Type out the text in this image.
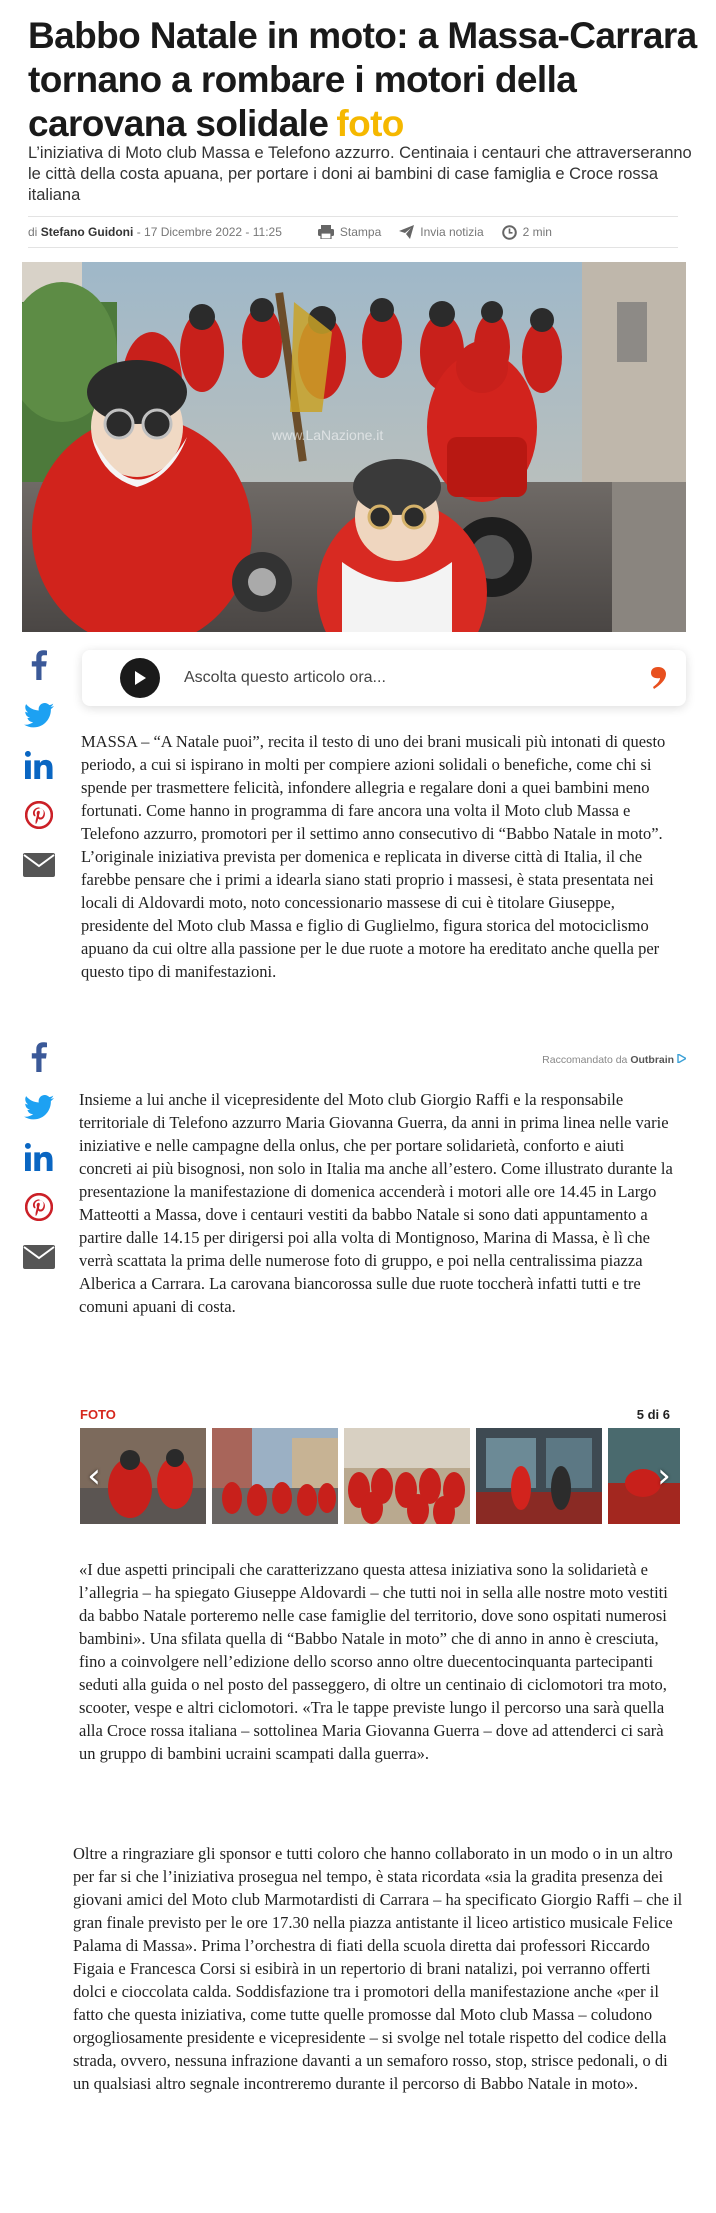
Babbo Natale in moto: a Massa-Carrara tornano a rombare i motori della carovana solidale foto

L’iniziativa di Moto club Massa e Telefono azzurro. Centinaia i centauri che attraverseranno le città della costa apuana, per portare i doni ai bambini di case famiglia e Croce rossa italiana

di
Stefano Guidoni
- 17 Dicembre 2022 - 11:25	Stampa	Invia notizia	2 min
www.LaNazione.it
Ascolta questo articolo ora...

MASSA – “A Natale puoi”, recita il testo di uno dei brani musicali più intonati di questo periodo, a cui si ispirano in molti per compiere azioni solidali o benefiche, come chi si spende per trasmettere felicità, infondere allegria e regalare doni a quei bambini meno fortunati. Come hanno in programma di fare ancora una volta il Moto club Massa e Telefono azzurro, promotori per il settimo anno consecutivo di “Babbo Natale in moto”. L’originale iniziativa prevista per domenica e replicata in diverse città di Italia, il che farebbe pensare che i primi a idearla siano stati proprio i massesi, è stata presentata nei locali di Aldovardi moto, noto concessionario massese di cui è titolare Giuseppe, presidente del Moto club Massa e figlio di Guglielmo, figura storica del motociclismo apuano da cui oltre alla passione per le due ruote a motore ha ereditato anche quella per questo tipo di manifestazioni.

Raccomandato da Outbrain

Insieme a lui anche il vicepresidente del Moto club Giorgio Raffi e la responsabile territoriale di Telefono azzurro Maria Giovanna Guerra, da anni in prima linea nelle varie iniziative e nelle campagne della onlus, che per portare solidarietà, conforto e aiuti concreti ai più bisognosi, non solo in Italia ma anche all’estero. Come illustrato durante la presentazione la manifestazione di domenica accenderà i motori alle ore 14.45 in Largo Matteotti a Massa, dove i centauri vestiti da babbo Natale si sono dati appuntamento a partire dalle 14.15 per dirigersi poi alla volta di Montignoso, Marina di Massa, è lì che verrà scattata la prima delle numerose foto di gruppo, e poi nella centralissima piazza Alberica a Carrara. La carovana biancorossa sulle due ruote toccherà infatti tutti e tre comuni apuani di costa.

FOTO	5 di 6
‹	›

«I due aspetti principali che caratterizzano questa attesa iniziativa sono la solidarietà e l’allegria – ha spiegato Giuseppe Aldovardi – che tutti noi in sella alle nostre moto vestiti da babbo Natale porteremo nelle case famiglie del territorio, dove sono ospitati numerosi bambini». Una sfilata quella di “Babbo Natale in moto” che di anno in anno è cresciuta, fino a coinvolgere nell’edizione dello scorso anno oltre duecentocinquanta partecipanti seduti alla guida o nel posto del passeggero, di oltre un centinaio di ciclomotori tra moto, scooter, vespe e altri ciclomotori. «Tra le tappe previste lungo il percorso una sarà quella alla Croce rossa italiana – sottolinea Maria Giovanna Guerra – dove ad attenderci ci sarà un gruppo di bambini ucraini scampati dalla guerra».

Oltre a ringraziare gli sponsor e tutti coloro che hanno collaborato in un modo o in un altro per far si che l’iniziativa prosegua nel tempo, è stata ricordata «sia la gradita presenza dei giovani amici del Moto club Marmotardisti di Carrara – ha specificato Giorgio Raffi – che il gran finale previsto per le ore 17.30 nella piazza antistante il liceo artistico musicale Felice Palama di Massa». Prima l’orchestra di fiati della scuola diretta dai professori Riccardo Figaia e Francesca Corsi si esibirà in un repertorio di brani natalizi, poi verranno offerti dolci e cioccolata calda. Soddisfazione tra i promotori della manifestazione anche «per il fatto che questa iniziativa, come tutte quelle promosse dal Moto club Massa – coludono orgogliosamente presidente e vicepresidente – si svolge nel totale rispetto del codice della strada, ovvero, nessuna infrazione davanti a un semaforo rosso, stop, strisce pedonali, o di un qualsiasi altro segnale incontreremo durante il percorso di Babbo Natale in moto».
